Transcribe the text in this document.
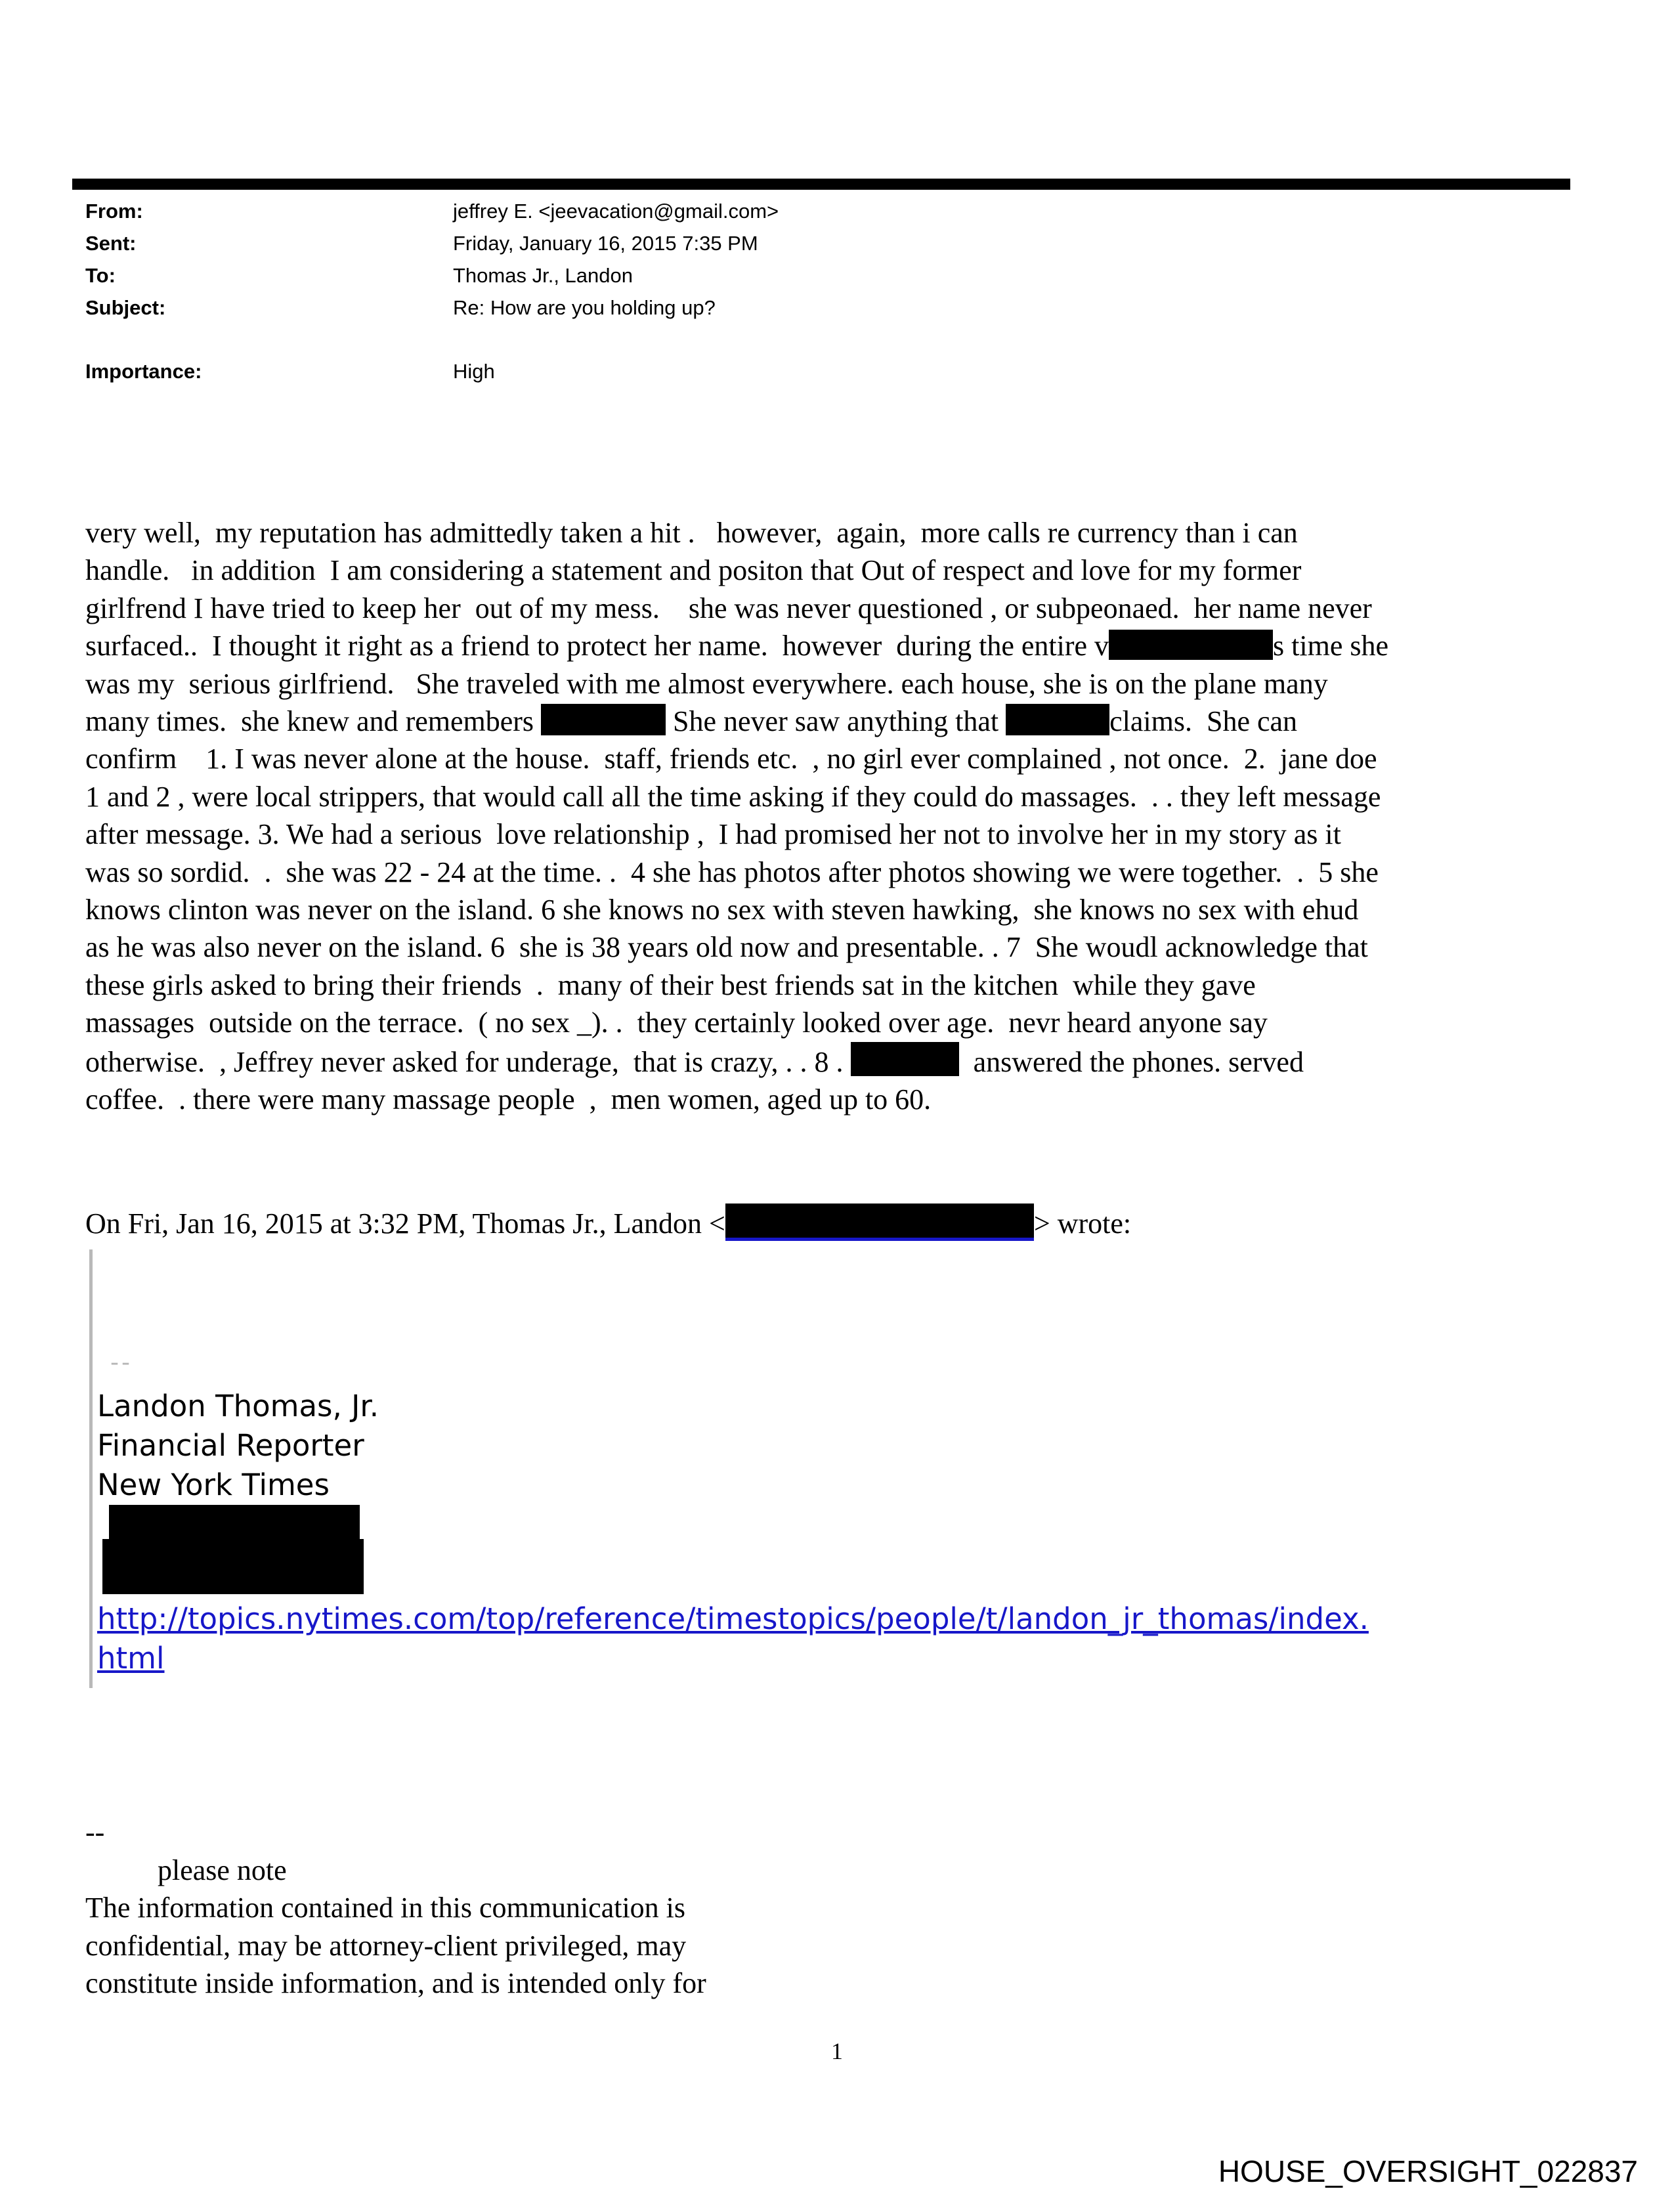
From:	jeffrey E. <jeevacation@gmail.com>
Sent:	Friday, January 16, 2015 7:35 PM
To:	Thomas Jr., Landon
Subject:	Re: How are you holding up?
Importance:	High
very well,  my reputation has admittedly taken a hit .   however,  again,  more calls re currency than i can
handle.   in addition  I am considering a statement and positon that Out of respect and love for my former
girlfrend I have tried to keep her  out of my mess.    she was never questioned , or subpeonaed.  her name never
surfaced..  I thought it right as a friend to protect her name.  however  during the entire v	s time she
was my  serious girlfriend.   She traveled with me almost everywhere. each house, she is on the plane many
many times.  she knew and remembers	She never saw anything that	claims.  She can
confirm    1. I was never alone at the house.  staff, friends etc.  , no girl ever complained , not once.  2.  jane doe
1 and 2 , were local strippers, that would call all the time asking if they could do massages.  . . they left message
after message. 3. We had a serious  love relationship ,  I had promised her not to involve her in my story as it
was so sordid.  .  she was 22 - 24 at the time. .  4 she has photos after photos showing we were together.  .  5 she
knows clinton was never on the island. 6 she knows no sex with steven hawking,  she knows no sex with ehud
as he was also never on the island. 6  she is 38 years old now and presentable. . 7  She woudl acknowledge that
these girls asked to bring their friends  .  many of their best friends sat in the kitchen  while they gave
massages  outside on the terrace.  ( no sex _). .  they certainly looked over age.  nevr heard anyone say
otherwise.  , Jeffrey never asked for underage,  that is crazy, . . 8 .	answered the phones. served
coffee.  . there were many massage people  ,  men women, aged up to 60.
On Fri, Jan 16, 2015 at 3:32 PM, Thomas Jr., Landon <	> wrote:
--
Landon Thomas, Jr.
Financial Reporter
New York Times
http://topics.nytimes.com/top/reference/timestopics/people/t/landon_jr_thomas/index.
html
--
please note
The information contained in this communication is
confidential, may be attorney-client privileged, may
constitute inside information, and is intended only for
1
HOUSE_OVERSIGHT_022837
